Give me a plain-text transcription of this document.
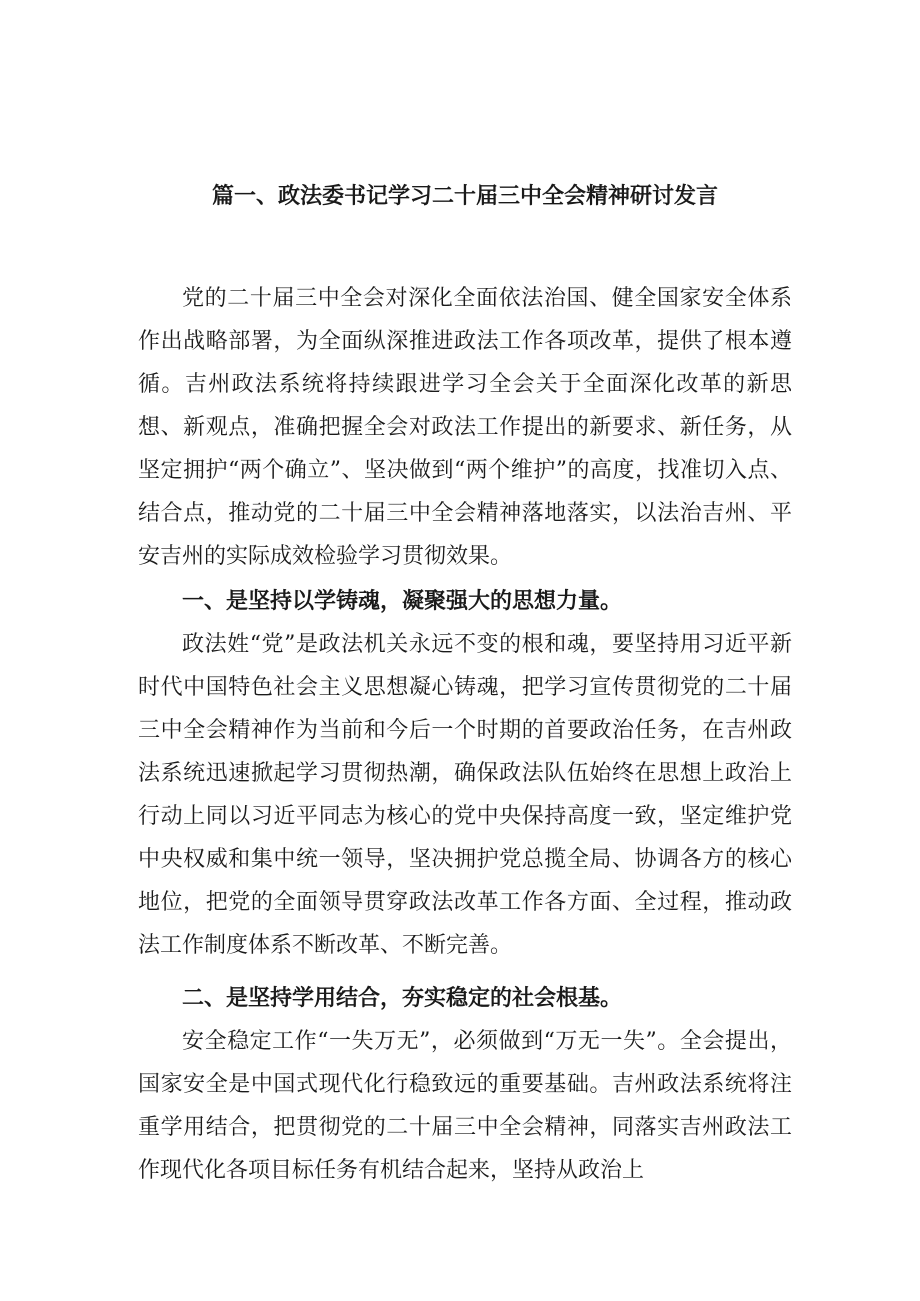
篇一、政法委书记学习二十届三中全会精神研讨发言

党的二十届三中全会对深化全面依法治国、健全国家安全体系作出战略部署，为全面纵深推进政法工作各项改革，提供了根本遵循。吉州政法系统将持续跟进学习全会关于全面深化改革的新思想、新观点，准确把握全会对政法工作提出的新要求、新任务，从坚定拥护“两个确立”、坚决做到“两个维护”的高度，找准切入点、结合点，推动党的二十届三中全会精神落地落实，以法治吉州、平安吉州的实际成效检验学习贯彻效果。

一、是坚持以学铸魂，凝聚强大的思想力量。

政法姓“党”是政法机关永远不变的根和魂，要坚持用习近平新时代中国特色社会主义思想凝心铸魂，把学习宣传贯彻党的二十届三中全会精神作为当前和今后一个时期的首要政治任务，在吉州政法系统迅速掀起学习贯彻热潮，确保政法队伍始终在思想上政治上行动上同以习近平同志为核心的党中央保持高度一致，坚定维护党中央权威和集中统一领导，坚决拥护党总揽全局、协调各方的核心地位，把党的全面领导贯穿政法改革工作各方面、全过程，推动政法工作制度体系不断改革、不断完善。

二、是坚持学用结合，夯实稳定的社会根基。

安全稳定工作“一失万无”，必须做到“万无一失”。全会提出，国家安全是中国式现代化行稳致远的重要基础。吉州政法系统将注重学用结合，把贯彻党的二十届三中全会精神，同落实吉州政法工作现代化各项目标任务有机结合起来，坚持从政治上
